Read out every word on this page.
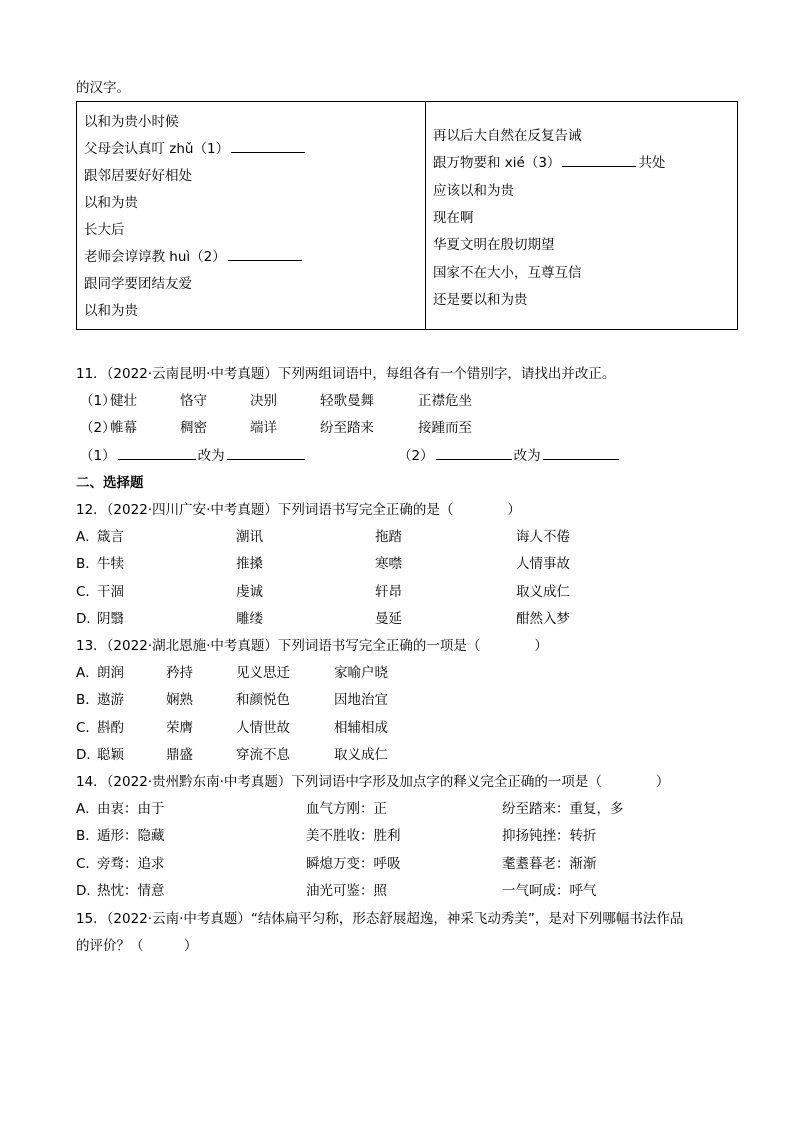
的汉字。
以和为贵小时候
父母会认真叮 zhǔ（1）
跟邻居要好好相处
以和为贵
长大后
老师会谆谆教 huì（2）
跟同学要团结友爱
以和为贵
再以后大自然在反复告诫
跟万物要和 xié（3）	共处
应该以和为贵
现在啊
华夏文明在殷切期望
国家不在大小，互尊互信
还是要以和为贵
11．（2022·云南昆明·中考真题）下列两组词语中，每组各有一个错别字，请找出并改正。
（1）
健壮	恪守	决别	轻歌曼舞	正襟危坐
（2）
帷幕	稠密	端详	纷至踏来	接踵而至
（1）	改为	（2）	改为
二、选择题
12．（2022·四川广安·中考真题）下列词语书写完全正确的是（　　　　）
A．
箴言	潮讯	拖踏	诲人不倦
B．
牛犊	推搡	寒噤	人情事故
C．
干涸	虔诚	轩昂	取义成仁
D．
阴翳	雕缕	曼延	酣然入梦
13．（2022·湖北恩施·中考真题）下列词语书写完全正确的一项是（　　　　）
A．
朗润	矜持	见义思迁	家喻户晓
B．
遨游	娴熟	和颜悦色	因地治宜
C．
斟酌	荣膺	人情世故	相辅相成
D．
聪颖	鼎盛	穿流不息	取义成仁
14．（2022·贵州黔东南·中考真题）下列词语中字形及加点字的释义完全正确的一项是（　　　　）
A．
由衷：由于	血气方刚：正	纷至踏来：重复，多
B．
遁形：隐藏	美不胜收：胜利	抑扬钝挫：转折
C．
旁骛：追求	瞬熄万变：呼吸	耄耋暮老：渐渐
D．
热忱：情意	油光可鉴：照	一气呵成：呼气
15．（2022·云南·中考真题）“结体扁平匀称，形态舒展超逸，神采飞动秀美”，是对下列哪幅书法作品
的评价？（　　　）
